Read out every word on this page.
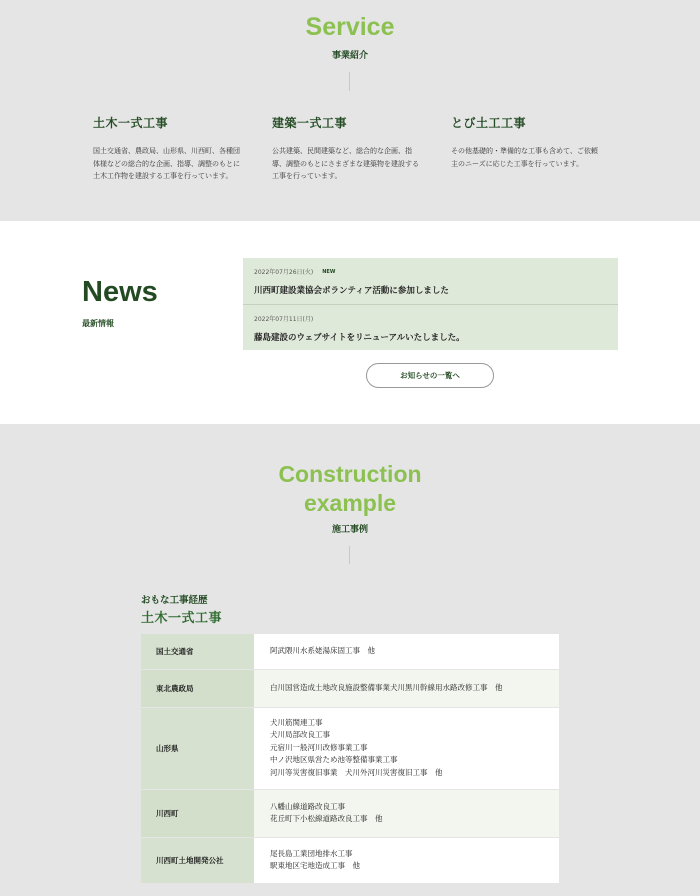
Service
事業紹介
土木一式工事
国土交通省、農政局、山形県、川西町、各種団
体様などの総合的な企画、指導、調整のもとに
土木工作物を建設する工事を行っています。
建築一式工事
公共建築、民間建築など、総合的な企画、指
導、調整のもとにさまざまな建築物を建設する
工事を行っています。
とび土工工事
その他基礎的・準備的な工事も含めて、ご依頼
主のニーズに応じた工事を行っています。
News
最新情報
2022年07月26日(火) NEW
川西町建設業協会ボランティア活動に参加しました
2022年07月11日(月)
藤島建設のウェブサイトをリニューアルいたしました。
お知らせの一覧へ
Construction
example
施工事例
おもな工事経歴
土木一式工事
国土交通省	阿武隈川水系姥湯床固工事　他

東北農政局	白川国営造成土地改良施設整備事業犬川黒川幹線用水路改修工事　他

山形県	犬川筋関連工事
犬川局部改良工事
元宿川一般河川改修事業工事
中ノ沢地区県営ため池等整備事業工事
河川等災害復旧事業　犬川外河川災害復旧工事　他

川西町	八幡山線道路改良工事
花丘町下小松線道路改良工事　他

川西町土地開発公社	尾長島工業団地排水工事
駅東地区宅地造成工事　他
